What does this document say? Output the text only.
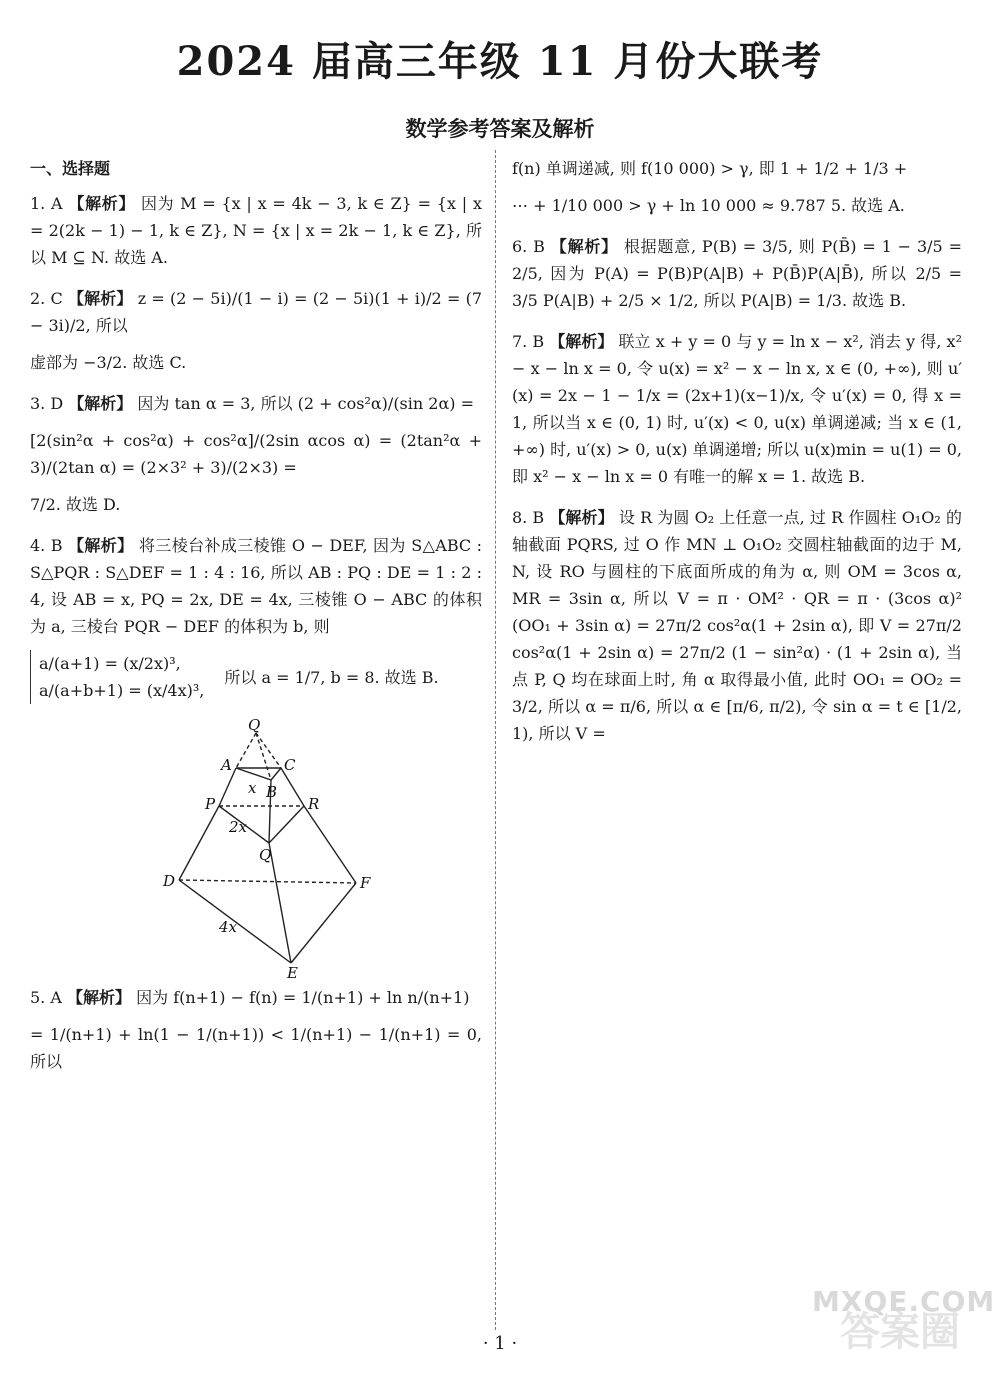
2024 届高三年级 11 月份大联考
数学参考答案及解析
一、选择题

1. A 【解析】 因为 M = {x | x = 4k − 3, k ∈ Z} = {x | x = 2(2k − 1) − 1, k ∈ Z}, N = {x | x = 2k − 1, k ∈ Z}, 所以 M ⊆ N. 故选 A.

2. C 【解析】 z = (2 − 5i)/(1 − i) = (2 − 5i)(1 + i)/2 = (7 − 3i)/2, 所以

虚部为 −3/2. 故选 C.

3. D 【解析】 因为 tan α = 3, 所以 (2 + cos²α)/(sin 2α) =

[2(sin²α + cos²α) + cos²α]/(2sin αcos α) = (2tan²α + 3)/(2tan α) = (2×3² + 3)/(2×3) =

7/2. 故选 D.

4. B 【解析】 将三棱台补成三棱锥 O − DEF, 因为 S△ABC : S△PQR : S△DEF = 1 : 4 : 16, 所以 AB : PQ : DE = 1 : 2 : 4, 设 AB = x, PQ = 2x, DE = 4x, 三棱锥 O − ABC 的体积为 a, 三棱台 PQR − DEF 的体积为 b, 则

a/(a+1) = (x/2x)³,
a/(a+b+1) = (x/4x)³,
所以 a = 1/7, b = 8. 故选 B.
Q
A	C
B
x
P	R
2x
Q
D	F
4x
E

5. A 【解析】 因为 f(n+1) − f(n) = 1/(n+1) + ln n/(n+1)

= 1/(n+1) + ln(1 − 1/(n+1)) < 1/(n+1) − 1/(n+1) = 0, 所以

f(n) 单调递减, 则 f(10 000) > γ, 即 1 + 1/2 + 1/3 +

⋯ + 1/10 000 > γ + ln 10 000 ≈ 9.787 5. 故选 A.

6. B 【解析】 根据题意, P(B) = 3/5, 则 P(B̄) = 1 − 3/5 = 2/5, 因为 P(A) = P(B)P(A|B) + P(B̄)P(A|B̄), 所以 2/5 = 3/5 P(A|B) + 2/5 × 1/2, 所以 P(A|B) = 1/3. 故选 B.

7. B 【解析】 联立 x + y = 0 与 y = ln x − x², 消去 y 得, x² − x − ln x = 0, 令 u(x) = x² − x − ln x, x ∈ (0, +∞), 则 u′(x) = 2x − 1 − 1/x = (2x+1)(x−1)/x, 令 u′(x) = 0, 得 x = 1, 所以当 x ∈ (0, 1) 时, u′(x) < 0, u(x) 单调递减; 当 x ∈ (1, +∞) 时, u′(x) > 0, u(x) 单调递增; 所以 u(x)min = u(1) = 0, 即 x² − x − ln x = 0 有唯一的解 x = 1. 故选 B.

8. B 【解析】 设 R 为圆 O₂ 上任意一点, 过 R 作圆柱 O₁O₂ 的轴截面 PQRS, 过 O 作 MN ⊥ O₁O₂ 交圆柱轴截面的边于 M, N, 设 RO 与圆柱的下底面所成的角为 α, 则 OM = 3cos α, MR = 3sin α, 所以 V = π · OM² · QR = π · (3cos α)² (OO₁ + 3sin α) = 27π/2 cos²α(1 + 2sin α), 即 V = 27π/2 cos²α(1 + 2sin α) = 27π/2 (1 − sin²α) · (1 + 2sin α), 当点 P, Q 均在球面上时, 角 α 取得最小值, 此时 OO₁ = OO₂ = 3/2, 所以 α = π/6, 所以 α ∈ [π/6, π/2), 令 sin α = t ∈ [1/2, 1), 所以 V =

· 1 ·	答案圈
MXQE.COM
